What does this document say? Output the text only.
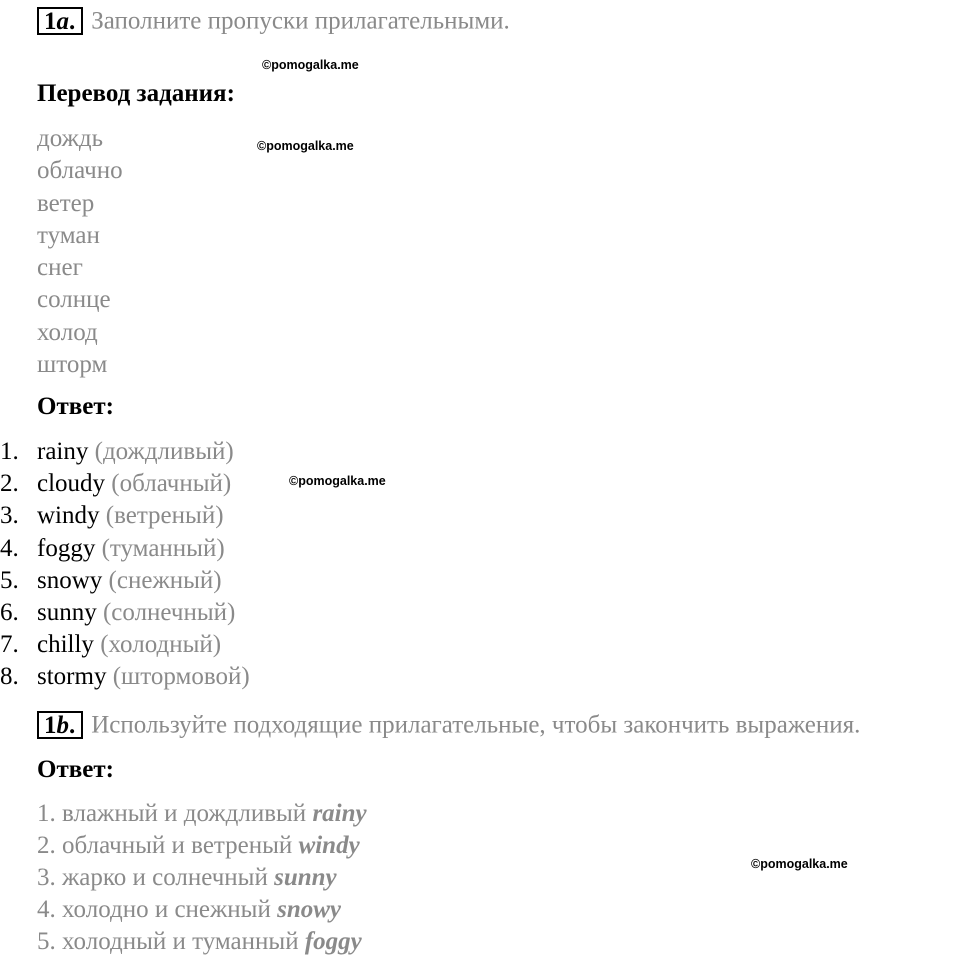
1a. Заполните пропуски прилагательными.
©pomogalka.me
Перевод задания:
©pomogalka.me
дождь
облачно
ветер
туман
снег
солнце
холод
шторм
Ответ:
1. rainy (дождливый)
2. cloudy (облачный)
3. windy (ветреный)
4. foggy (туманный)
5. snowy (снежный)
6. sunny (солнечный)
7. chilly (холодный)
8. stormy (штормовой)
©pomogalka.me
1b. Используйте подходящие прилагательные, чтобы закончить выражения.
Ответ:
1. влажный и дождливый rainy
2. облачный и ветреный windy
3. жарко и солнечный sunny
4. холодно и снежный snowy
5. холодный и туманный foggy
©pomogalka.me
